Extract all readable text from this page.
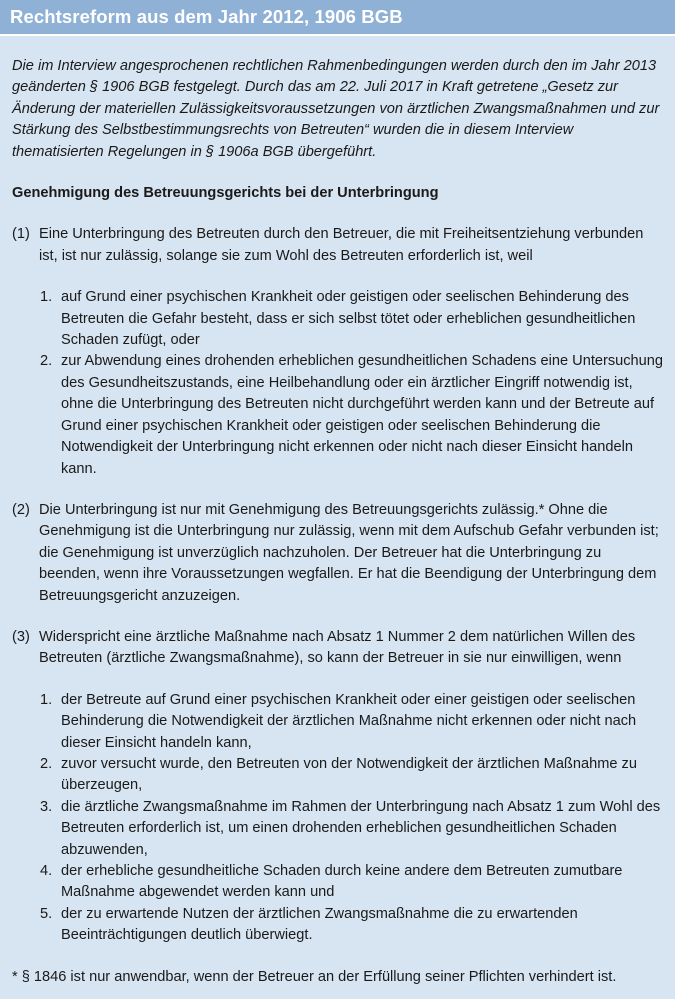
Rechtsreform aus dem Jahr 2012, 1906 BGB

Die im Interview angesprochenen rechtlichen Rahmenbedingungen werden durch den im Jahr 2013 geänderten § 1906 BGB festgelegt. Durch das am 22. Juli 2017 in Kraft getretene „Gesetz zur Änderung der materiellen Zulässigkeitsvoraussetzungen von ärztlichen Zwangsmaßnahmen und zur Stärkung des Selbstbestimmungsrechts von Betreuten“ wurden die in diesem Interview thematisierten Regelungen in § 1906a BGB übergeführt.

Genehmigung des Betreuungsgerichts bei der Unterbringung

(1) Eine Unterbringung des Betreuten durch den Betreuer, die mit Freiheitsentziehung verbunden ist, ist nur zulässig, solange sie zum Wohl des Betreuten erforderlich ist, weil

1. auf Grund einer psychischen Krankheit oder geistigen oder seelischen Behinderung des Betreuten die Gefahr besteht, dass er sich selbst tötet oder erheblichen gesundheitlichen Schaden zufügt, oder
2. zur Abwendung eines drohenden erheblichen gesundheitlichen Schadens eine Untersuchung des Gesundheitszustands, eine Heilbehandlung oder ein ärztlicher Eingriff notwendig ist, ohne die Unterbringung des Betreuten nicht durchgeführt werden kann und der Betreute auf Grund einer psychischen Krankheit oder geistigen oder seelischen Behinderung die Notwendigkeit der Unterbringung nicht erkennen oder nicht nach dieser Einsicht handeln kann.
(2) Die Unterbringung ist nur mit Genehmigung des Betreuungsgerichts zulässig.* Ohne die Genehmigung ist die Unterbringung nur zulässig, wenn mit dem Aufschub Gefahr verbunden ist; die Genehmigung ist unverzüglich nachzuholen. Der Betreuer hat die Unterbringung zu beenden, wenn ihre Voraussetzungen wegfallen. Er hat die Beendigung der Unterbringung dem Betreuungsgericht anzuzeigen.

(3) Widerspricht eine ärztliche Maßnahme nach Absatz 1 Nummer 2 dem natürlichen Willen des Betreuten (ärztliche Zwangsmaßnahme), so kann der Betreuer in sie nur einwilligen, wenn

1. der Betreute auf Grund einer psychischen Krankheit oder einer geistigen oder seelischen Behinderung die Notwendigkeit der ärztlichen Maßnahme nicht erkennen oder nicht nach dieser Einsicht handeln kann,
2. zuvor versucht wurde, den Betreuten von der Notwendigkeit der ärztlichen Maßnahme zu überzeugen,
3. die ärztliche Zwangsmaßnahme im Rahmen der Unterbringung nach Absatz 1 zum Wohl des Betreuten erforderlich ist, um einen drohenden erheblichen gesundheitlichen Schaden abzuwenden,
4. der erhebliche gesundheitliche Schaden durch keine andere dem Betreuten zumutbare Maßnahme abgewendet werden kann und
5. der zu erwartende Nutzen der ärztlichen Zwangsmaßnahme die zu erwartenden Beeinträchtigungen deutlich überwiegt.

* § 1846 ist nur anwendbar, wenn der Betreuer an der Erfüllung seiner Pflichten verhindert ist.
